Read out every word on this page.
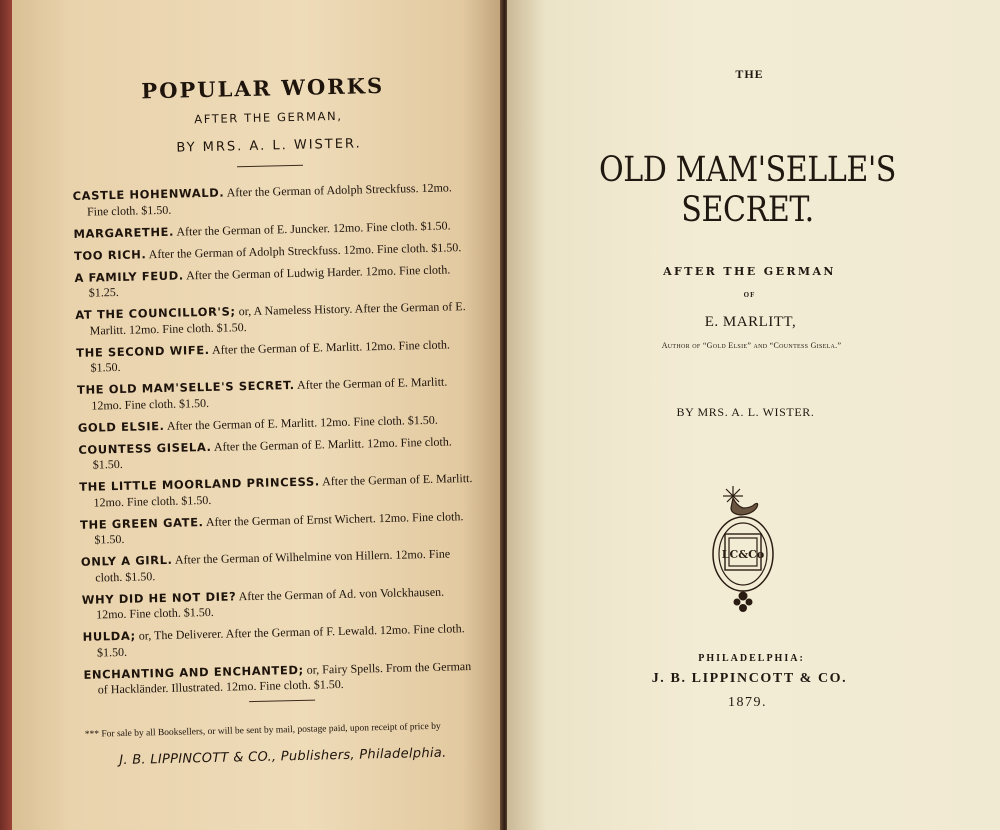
POPULAR WORKS
AFTER THE GERMAN,
BY MRS. A. L. WISTER.
CASTLE HOHENWALD. After the German of Adolph Streckfuss. 12mo. Fine cloth. $1.50.
MARGARETHE. After the German of E. Juncker. 12mo. Fine cloth. $1.50.
TOO RICH. After the German of Adolph Streckfuss. 12mo. Fine cloth. $1.50.
A FAMILY FEUD. After the German of Ludwig Harder. 12mo. Fine cloth. $1.25.
AT THE COUNCILLOR'S; or, A Nameless History. After the German of E. Marlitt. 12mo. Fine cloth. $1.50.
THE SECOND WIFE. After the German of E. Marlitt. 12mo. Fine cloth. $1.50.
THE OLD MAM'SELLE'S SECRET. After the German of E. Marlitt. 12mo. Fine cloth. $1.50.
GOLD ELSIE. After the German of E. Marlitt. 12mo. Fine cloth. $1.50.
COUNTESS GISELA. After the German of E. Marlitt. 12mo. Fine cloth. $1.50.
THE LITTLE MOORLAND PRINCESS. After the German of E. Marlitt. 12mo. Fine cloth. $1.50.
THE GREEN GATE. After the German of Ernst Wichert. 12mo. Fine cloth. $1.50.
ONLY A GIRL. After the German of Wilhelmine von Hillern. 12mo. Fine cloth. $1.50.
WHY DID HE NOT DIE? After the German of Ad. von Volckhausen. 12mo. Fine cloth. $1.50.
HULDA; or, The Deliverer. After the German of F. Lewald. 12mo. Fine cloth. $1.50.
ENCHANTING AND ENCHANTED; or, Fairy Spells. From the German of Hackländer. Illustrated. 12mo. Fine cloth. $1.50.
*** For sale by all Booksellers, or will be sent by mail, postage paid, upon receipt of price by
J. B. LIPPINCOTT & CO., Publishers, Philadelphia.
THE
OLD MAM'SELLE'S SECRET.
AFTER THE GERMAN
OF
E. MARLITT,
Author of “Gold Elsie” and “Countess Gisela.”
BY MRS. A. L. WISTER.
LC&Co
PHILADELPHIA:
J. B. LIPPINCOTT & CO.
1879.
